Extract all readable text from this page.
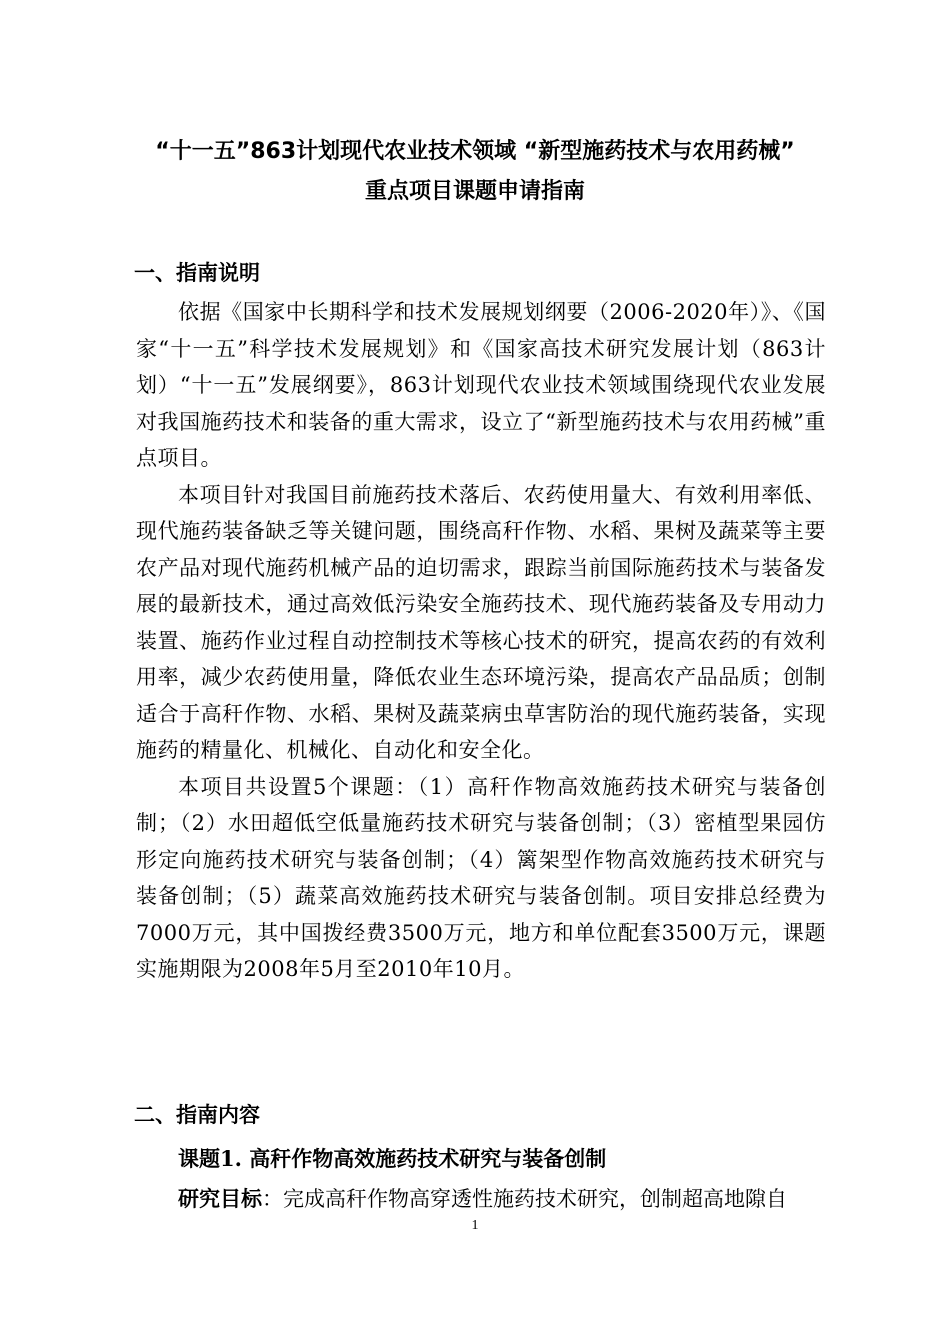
“十一五”863计划现代农业技术领域 “新型施药技术与农用药械”
重点项目课题申请指南
一、指南说明

依据《国家中长期科学和技术发展规划纲要（2006-2020年）》、《国家“十一五”科学技术发展规划》和《国家高技术研究发展计划（863计划）“十一五”发展纲要》，863计划现代农业技术领域围绕现代农业发展对我国施药技术和装备的重大需求，设立了“新型施药技术与农用药械”重点项目。

本项目针对我国目前施药技术落后、农药使用量大、有效利用率低、现代施药装备缺乏等关键问题，围绕高秆作物、水稻、果树及蔬菜等主要农产品对现代施药机械产品的迫切需求，跟踪当前国际施药技术与装备发展的最新技术，通过高效低污染安全施药技术、现代施药装备及专用动力装置、施药作业过程自动控制技术等核心技术的研究，提高农药的有效利用率，减少农药使用量，降低农业生态环境污染，提高农产品品质；创制适合于高秆作物、水稻、果树及蔬菜病虫草害防治的现代施药装备，实现施药的精量化、机械化、自动化和安全化。

本项目共设置5个课题：（1）高秆作物高效施药技术研究与装备创制；（2）水田超低空低量施药技术研究与装备创制；（3）密植型果园仿形定向施药技术研究与装备创制；（4）篱架型作物高效施药技术研究与装备创制；（5）蔬菜高效施药技术研究与装备创制。项目安排总经费为7000万元，其中国拨经费3500万元，地方和单位配套3500万元，课题实施期限为2008年5月至2010年10月。

二、指南内容
课题1. 高秆作物高效施药技术研究与装备创制
研究目标：完成高秆作物高穿透性施药技术研究，创制超高地隙自
1
